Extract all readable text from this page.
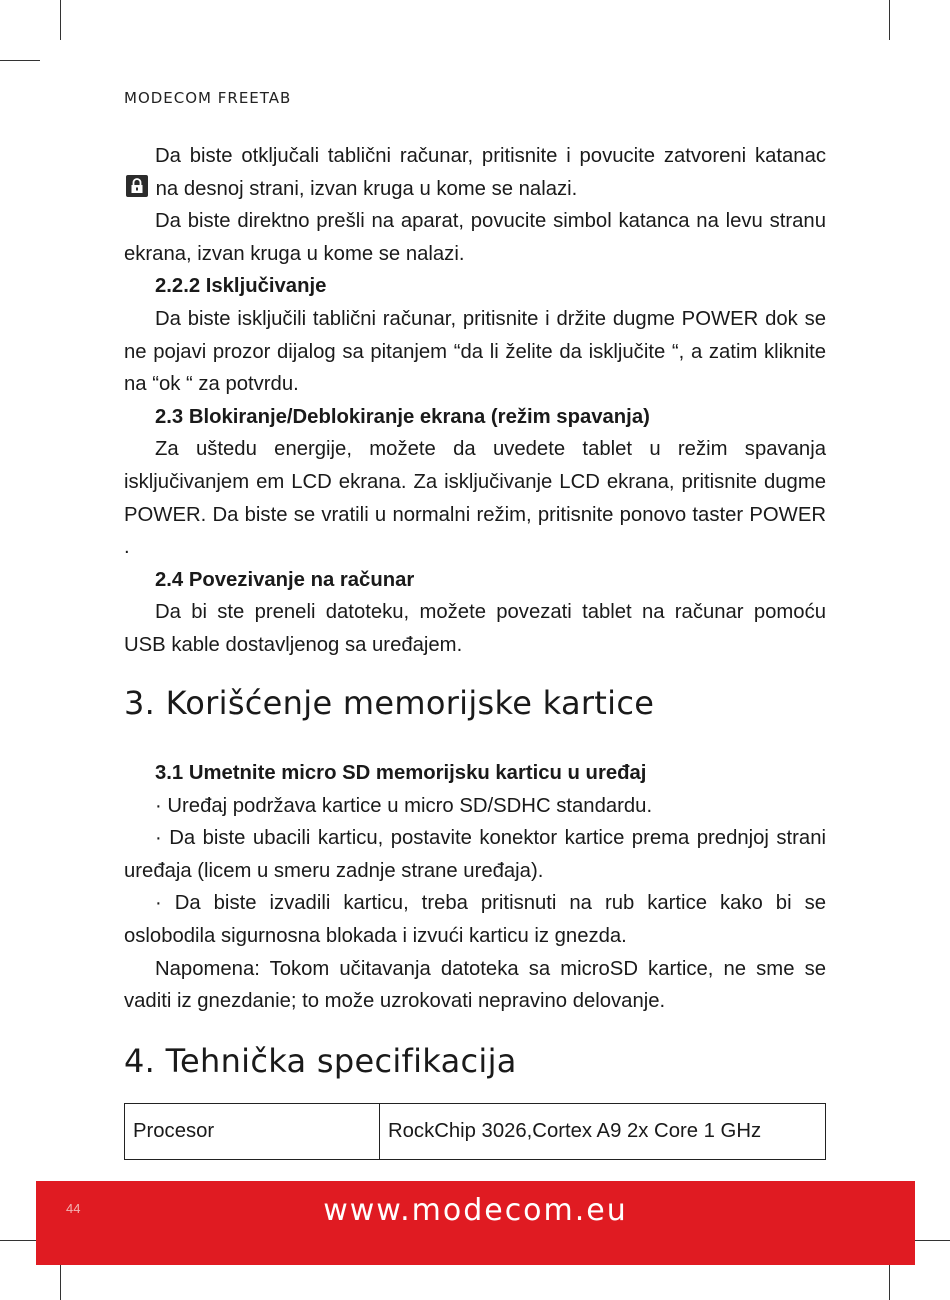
MODECOM FREETAB

Da biste otključali tablični računar, pritisnite i povucite zatvoreni katanac
na desnoj strani, izvan kruga u kome se nalazi.

Da biste direktno prešli na aparat, povucite simbol katanca na levu stranu ekrana, izvan kruga u kome se nalazi.

2.2.2 Isključivanje

Da biste isključili tablični računar, pritisnite i držite dugme POWER dok se ne pojavi prozor dijalog sa pitanjem “da li želite da isključite “, a zatim kliknite na “ok “ za potvrdu.

2.3 Blokiranje/Deblokiranje ekrana (režim spavanja)

Za uštedu energije, možete da uvedete tablet u režim spavanja isključivanjem em LCD ekrana. Za isključivanje LCD ekrana, pritisnite dugme POWER. Da biste se vratili u normalni režim, pritisnite ponovo taster POWER .

2.4 Povezivanje na računar

Da bi ste preneli datoteku, možete povezati tablet na računar pomoću USB kable dostavljenog sa uređajem.

3. Korišćenje memorijske kartice

3.1 Umetnite micro SD memorijsku karticu u uređaj

· Uređaj podržava kartice u micro SD/SDHC standardu.

· Da biste ubacili karticu, postavite konektor kartice prema prednjoj strani uređaja (licem u smeru zadnje strane uređaja).

· Da biste izvadili karticu, treba pritisnuti na rub kartice kako bi se oslobodila sigurnosna blokada i izvući karticu iz gnezda.

Napomena: Tokom učitavanja datoteka sa microSD kartice, ne sme se vaditi iz gnezdanie; to može uzrokovati nepravino delovanje.

4. Tehnička specifikacija
Procesor	RockChip 3026,Cortex A9 2x Core 1 GHz
44	www.modecom.eu
